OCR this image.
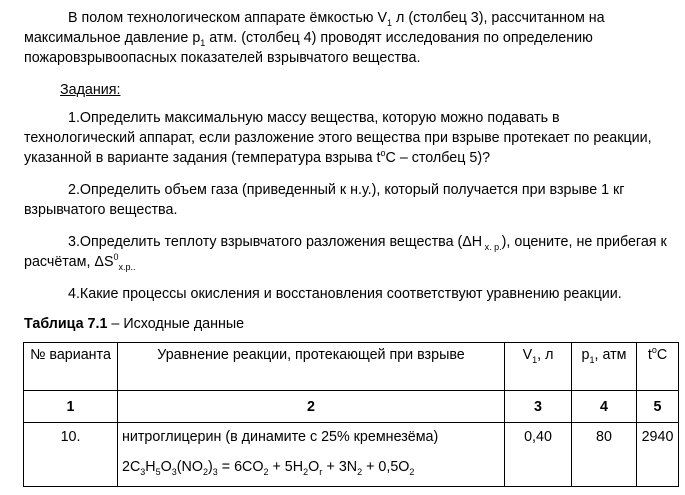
В полом технологическом аппарате ёмкостью $V_1$ л (столбец 3), рассчитанном на максимальное давление $р_1$ атм. (столбец 4) проводят исследования по определению пожаровзрывоопасных показателей взрывчатого вещества.
Задания:
1.Определить максимальную массу вещества, которую можно подавать в технологический аппарат, если разложение этого вещества при взрыве протекает по реакции, указанной в варианте задания (температура взрыва $t^oC$ – столбец 5)?
2.Определить объем газа (приведенный к н.у.), который получается при взрыве 1 кг взрывчатого вещества.
3.Определить теплоту взрывчатого разложения вещества (ΔН $_{х. р.}$), оцените, не прибегая к расчётам, $\Delta S^0_{х.р..}$
4.Какие процессы окисления и восстановления соответствуют уравнению реакции.
Таблица 7.1 – Исходные данные
№ варианта	Уравнение реакции, протекающей при взрыве	$V_1$, л	$p_1$, атм	$t^oC$
1	2	3	4	5
10.	нитроглицерин (в динамите с 25% кремнезёма)
$2C_3H_5O_3(NO_2)_3 = 6CO_2 + 5H_2O_г + 3N_2 + 0,5O_2$	0,40	80	2940
